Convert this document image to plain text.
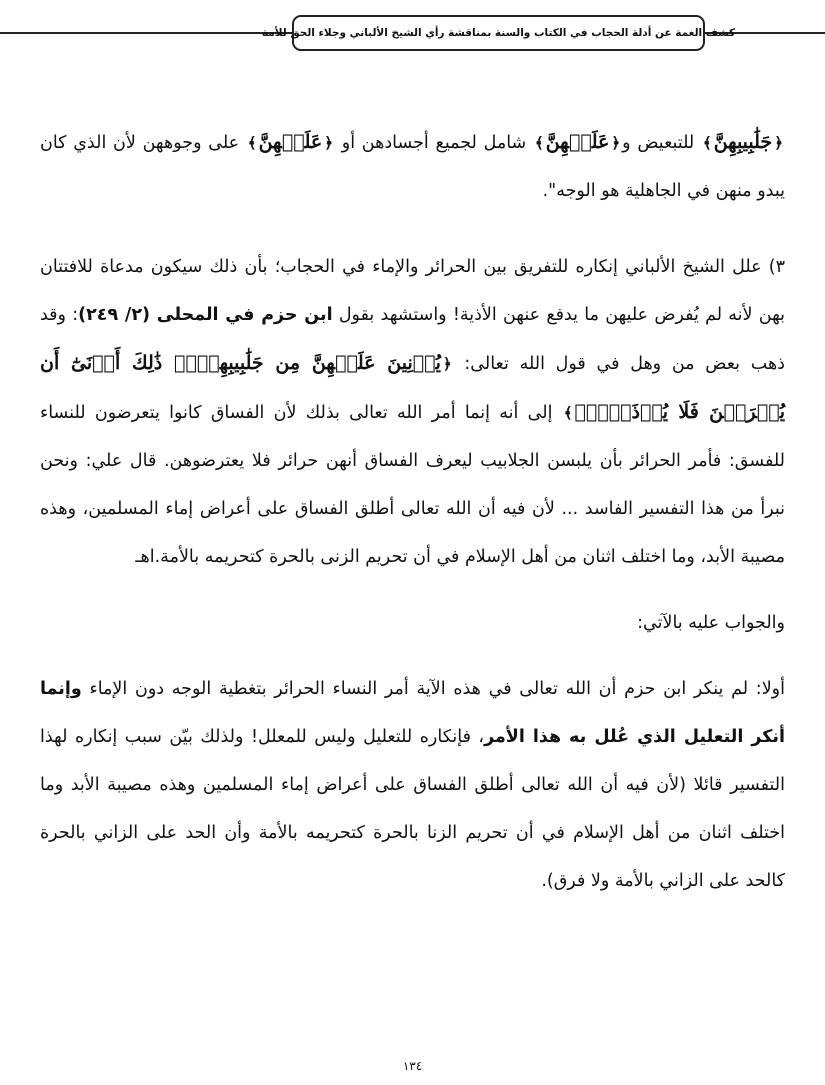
كشف الغمة عن أدلة الحجاب في الكتاب والسنة بمناقشة رأي الشيخ الألباني وجلاء الحق للأمة

﴿جَلَٰبِيبِهِنَّ﴾ للتبعيض و﴿عَلَيۡهِنَّ﴾ شامل لجميع أجسادهن أو ﴿عَلَيۡهِنَّ﴾ على وجوههن لأن الذي كان يبدو منهن في الجاهلية هو الوجه".

٣) علل الشيخ الألباني إنكاره للتفريق بين الحرائر والإماء في الحجاب؛ بأن ذلك سيكون مدعاة للافتتان بهن لأنه لم يُفرض عليهن ما يدفع عنهن الأذية! واستشهد بقول ابن حزم في المحلى (٢/ ٢٤٩): وقد ذهب بعض من وهل في قول الله تعالى: ﴿يُدۡنِينَ عَلَيۡهِنَّ مِن جَلَٰبِيبِهِنَّۚ ذَٰلِكَ أَدۡنَىٰٓ أَن يُعۡرَفۡنَ فَلَا يُؤۡذَيۡنَۗ﴾ إلى أنه إنما أمر الله تعالى بذلك لأن الفساق كانوا يتعرضون للنساء للفسق: فأمر الحرائر بأن يلبسن الجلابيب ليعرف الفساق أنهن حرائر فلا يعترضوهن. قال علي: ونحن نبرأ من هذا التفسير الفاسد ... لأن فيه أن الله تعالى أطلق الفساق على أعراض إماء المسلمين، وهذه مصيبة الأبد، وما اختلف اثنان من أهل الإسلام في أن تحريم الزنى بالحرة كتحريمه بالأمة.اهـ

والجواب عليه بالآتي:

أولا: لم ينكر ابن حزم أن الله تعالى في هذه الآية أمر النساء الحرائر بتغطية الوجه دون الإماء وإنما أنكر التعليل الذي عُلل به هذا الأمر، فإنكاره للتعليل وليس للمعلل! ولذلك بيّن سبب إنكاره لهذا التفسير قائلا (لأن فيه أن الله تعالى أطلق الفساق على أعراض إماء المسلمين وهذه مصيبة الأبد وما اختلف اثنان من أهل الإسلام في أن تحريم الزنا بالحرة كتحريمه بالأمة وأن الحد على الزاني بالحرة كالحد على الزاني بالأمة ولا فرق).

١٣٤
